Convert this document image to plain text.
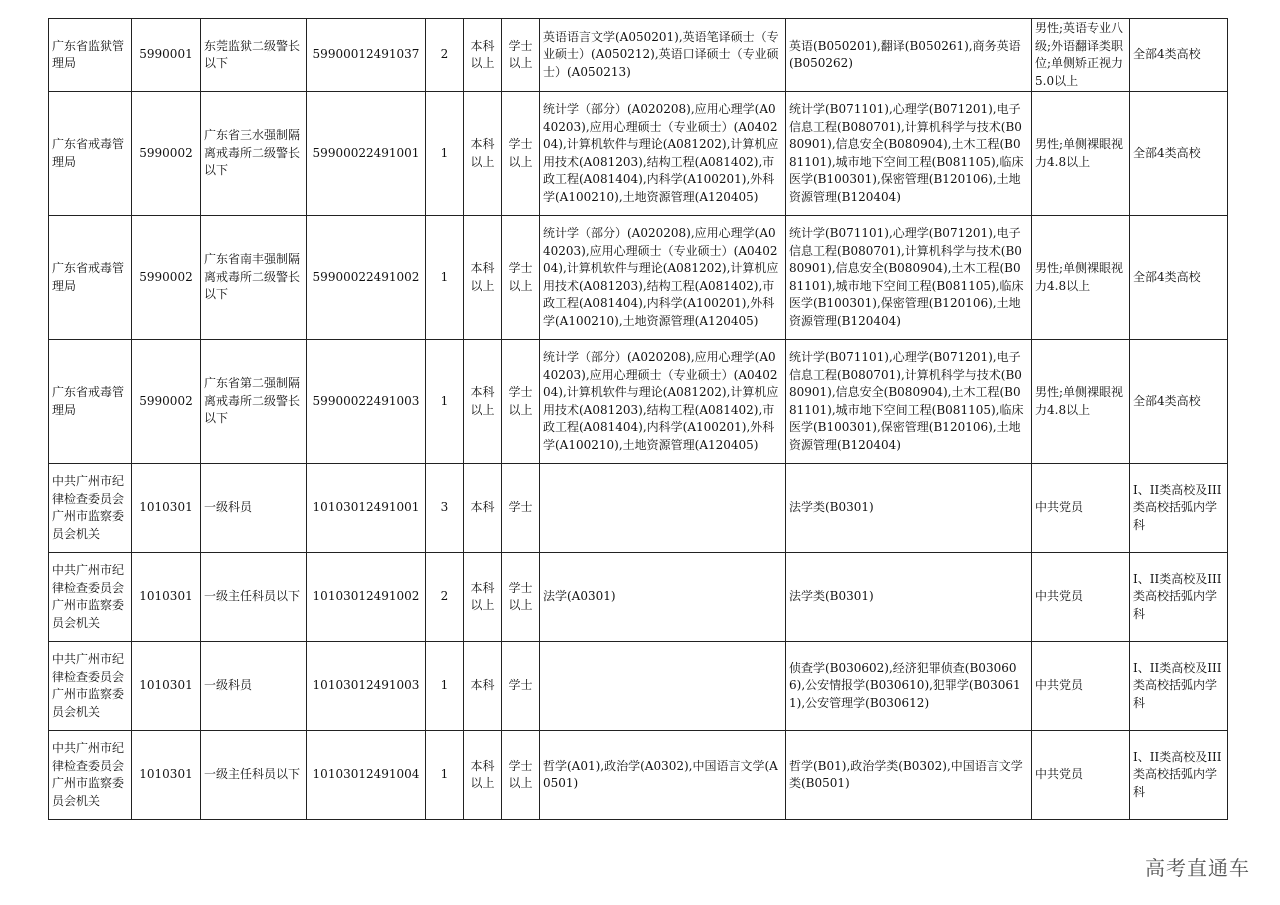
广东省监狱管理局	5990001	东莞监狱二级警长以下	59900012491037	2	本科以上	学士以上	英语语言文学(A050201),英语笔译硕士（专业硕士）(A050212),英语口译硕士（专业硕士）(A050213)	英语(B050201),翻译(B050261),商务英语(B050262)	男性;英语专业八级;外语翻译类职位;单侧矫正视力5.0以上	全部4类高校
广东省戒毒管理局	5990002	广东省三水强制隔离戒毒所二级警长以下	59900022491001	1	本科以上	学士以上	统计学（部分）(A020208),应用心理学(A040203),应用心理硕士（专业硕士）(A040204),计算机软件与理论(A081202),计算机应用技术(A081203),结构工程(A081402),市政工程(A081404),内科学(A100201),外科学(A100210),土地资源管理(A120405)	统计学(B071101),心理学(B071201),电子信息工程(B080701),计算机科学与技术(B080901),信息安全(B080904),土木工程(B081101),城市地下空间工程(B081105),临床医学(B100301),保密管理(B120106),土地资源管理(B120404)	男性;单侧裸眼视力4.8以上	全部4类高校
广东省戒毒管理局	5990002	广东省南丰强制隔离戒毒所二级警长以下	59900022491002	1	本科以上	学士以上	统计学（部分）(A020208),应用心理学(A040203),应用心理硕士（专业硕士）(A040204),计算机软件与理论(A081202),计算机应用技术(A081203),结构工程(A081402),市政工程(A081404),内科学(A100201),外科学(A100210),土地资源管理(A120405)	统计学(B071101),心理学(B071201),电子信息工程(B080701),计算机科学与技术(B080901),信息安全(B080904),土木工程(B081101),城市地下空间工程(B081105),临床医学(B100301),保密管理(B120106),土地资源管理(B120404)	男性;单侧裸眼视力4.8以上	全部4类高校
广东省戒毒管理局	5990002	广东省第二强制隔离戒毒所二级警长以下	59900022491003	1	本科以上	学士以上	统计学（部分）(A020208),应用心理学(A040203),应用心理硕士（专业硕士）(A040204),计算机软件与理论(A081202),计算机应用技术(A081203),结构工程(A081402),市政工程(A081404),内科学(A100201),外科学(A100210),土地资源管理(A120405)	统计学(B071101),心理学(B071201),电子信息工程(B080701),计算机科学与技术(B080901),信息安全(B080904),土木工程(B081101),城市地下空间工程(B081105),临床医学(B100301),保密管理(B120106),土地资源管理(B120404)	男性;单侧裸眼视力4.8以上	全部4类高校
中共广州市纪律检查委员会广州市监察委员会机关	1010301	一级科员	10103012491001	3	本科	学士		法学类(B0301)	中共党员	I、II类高校及III类高校括弧内学科
中共广州市纪律检查委员会广州市监察委员会机关	1010301	一级主任科员以下	10103012491002	2	本科以上	学士以上	法学(A0301)	法学类(B0301)	中共党员	I、II类高校及III类高校括弧内学科
中共广州市纪律检查委员会广州市监察委员会机关	1010301	一级科员	10103012491003	1	本科	学士		侦查学(B030602),经济犯罪侦查(B030606),公安情报学(B030610),犯罪学(B030611),公安管理学(B030612)	中共党员	I、II类高校及III类高校括弧内学科
中共广州市纪律检查委员会广州市监察委员会机关	1010301	一级主任科员以下	10103012491004	1	本科以上	学士以上	哲学(A01),政治学(A0302),中国语言文学(A0501)	哲学(B01),政治学类(B0302),中国语言文学类(B0501)	中共党员	I、II类高校及III类高校括弧内学科
高考直通车
